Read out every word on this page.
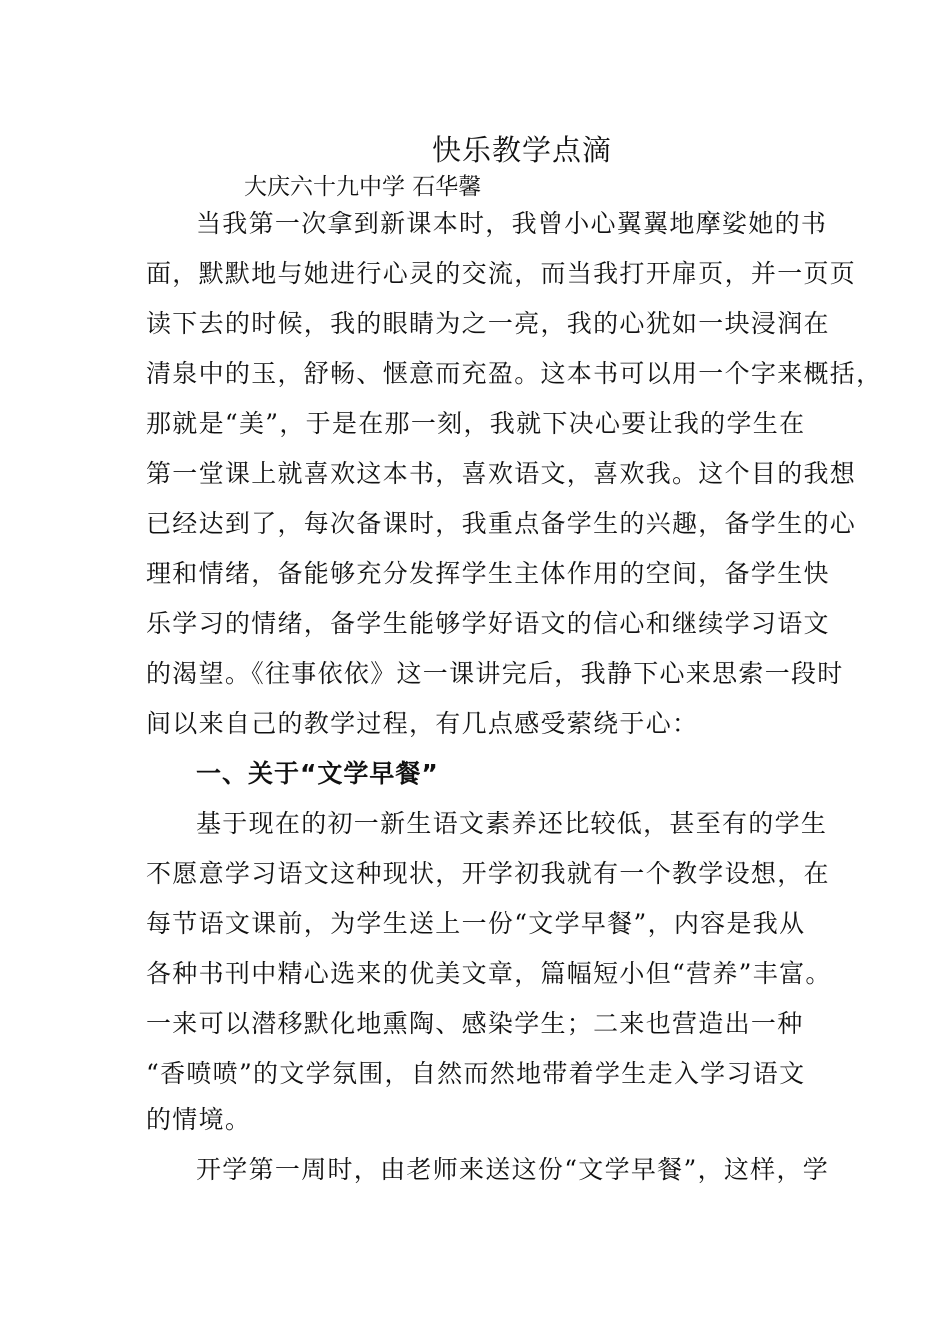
快乐教学点滴
大庆六十九中学 石华馨
当我第一次拿到新课本时，我曾小心翼翼地摩娑她的书
面，默默地与她进行心灵的交流，而当我打开扉页，并一页页
读下去的时候，我的眼睛为之一亮，我的心犹如一块浸润在
清泉中的玉，舒畅、惬意而充盈。这本书可以用一个字来概括，
那就是“美”，于是在那一刻，我就下决心要让我的学生在
第一堂课上就喜欢这本书，喜欢语文，喜欢我。这个目的我想
已经达到了，每次备课时，我重点备学生的兴趣，备学生的心
理和情绪，备能够充分发挥学生主体作用的空间，备学生快
乐学习的情绪，备学生能够学好语文的信心和继续学习语文
的渴望。《往事依依》这一课讲完后，我静下心来思索一段时
间以来自己的教学过程，有几点感受萦绕于心：
一、关于“文学早餐”
基于现在的初一新生语文素养还比较低，甚至有的学生
不愿意学习语文这种现状，开学初我就有一个教学设想，在
每节语文课前，为学生送上一份“文学早餐”，内容是我从
各种书刊中精心选来的优美文章，篇幅短小但“营养”丰富。
一来可以潜移默化地熏陶、感染学生；二来也营造出一种
“香喷喷”的文学氛围，自然而然地带着学生走入学习语文
的情境。
开学第一周时，由老师来送这份“文学早餐”，这样，学
